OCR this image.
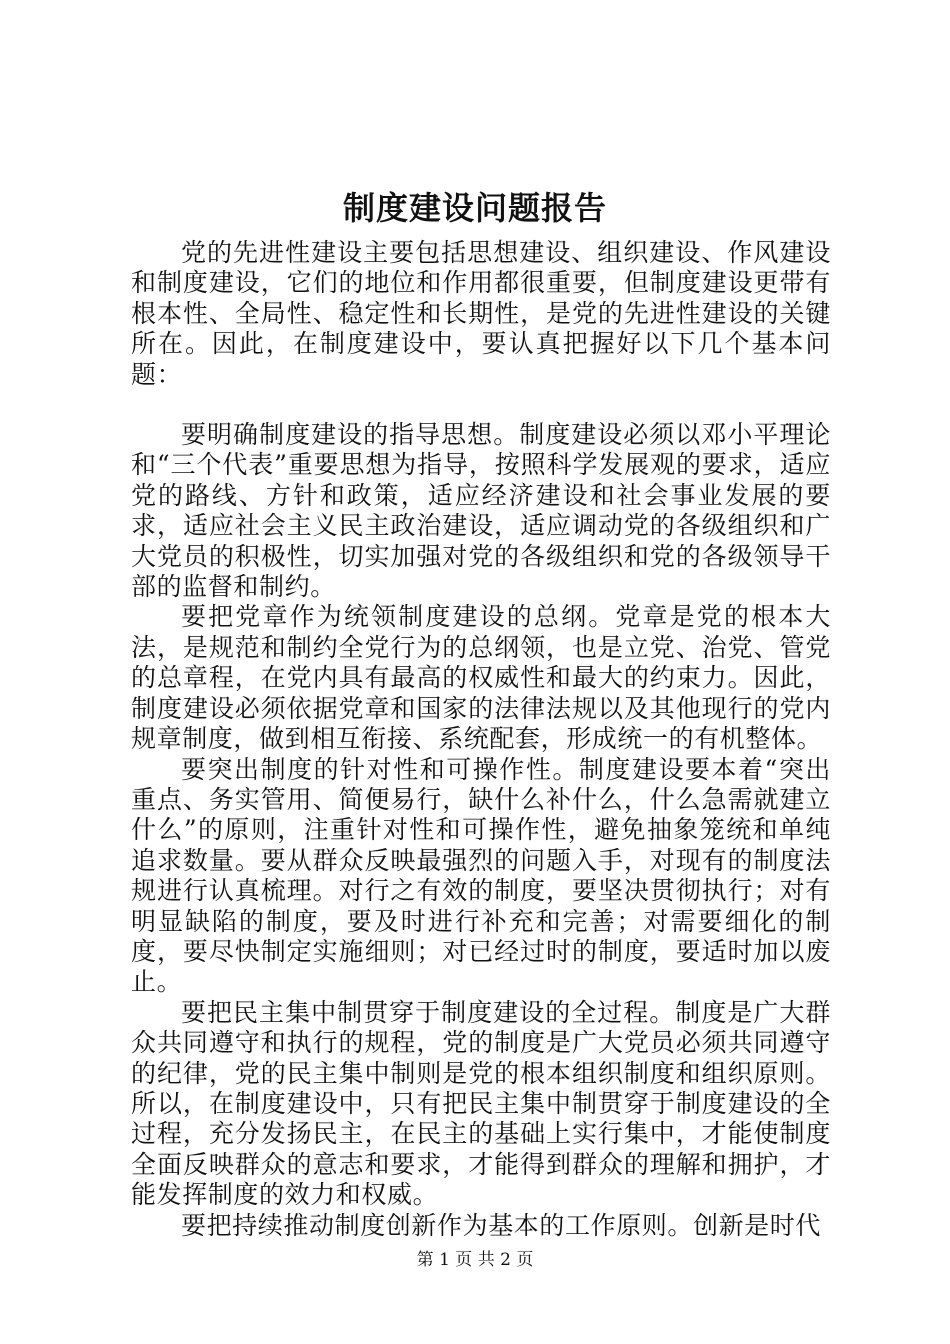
制度建设问题报告

党的先进性建设主要包括思想建设、组织建设、作风建设和制度建设，它们的地位和作用都很重要，但制度建设更带有根本性、全局性、稳定性和长期性，是党的先进性建设的关键所在。因此，在制度建设中，要认真把握好以下几个基本问题：

要明确制度建设的指导思想。制度建设必须以邓小平理论和“三个代表”重要思想为指导，按照科学发展观的要求，适应党的路线、方针和政策，适应经济建设和社会事业发展的要求，适应社会主义民主政治建设，适应调动党的各级组织和广大党员的积极性，切实加强对党的各级组织和党的各级领导干部的监督和制约。

要把党章作为统领制度建设的总纲。党章是党的根本大法，是规范和制约全党行为的总纲领，也是立党、治党、管党的总章程，在党内具有最高的权威性和最大的约束力。因此，制度建设必须依据党章和国家的法律法规以及其他现行的党内规章制度，做到相互衔接、系统配套，形成统一的有机整体。

要突出制度的针对性和可操作性。制度建设要本着“突出重点、务实管用、简便易行，缺什么补什么，什么急需就建立什么”的原则，注重针对性和可操作性，避免抽象笼统和单纯追求数量。要从群众反映最强烈的问题入手，对现有的制度法规进行认真梳理。对行之有效的制度，要坚决贯彻执行；对有明显缺陷的制度，要及时进行补充和完善；对需要细化的制度，要尽快制定实施细则；对已经过时的制度，要适时加以废止。

要把民主集中制贯穿于制度建设的全过程。制度是广大群众共同遵守和执行的规程，党的制度是广大党员必须共同遵守的纪律，党的民主集中制则是党的根本组织制度和组织原则。所以，在制度建设中，只有把民主集中制贯穿于制度建设的全过程，充分发扬民主，在民主的基础上实行集中，才能使制度全面反映群众的意志和要求，才能得到群众的理解和拥护，才能发挥制度的效力和权威。

要把持续推动制度创新作为基本的工作原则。创新是时代

第 1 页 共 2 页
